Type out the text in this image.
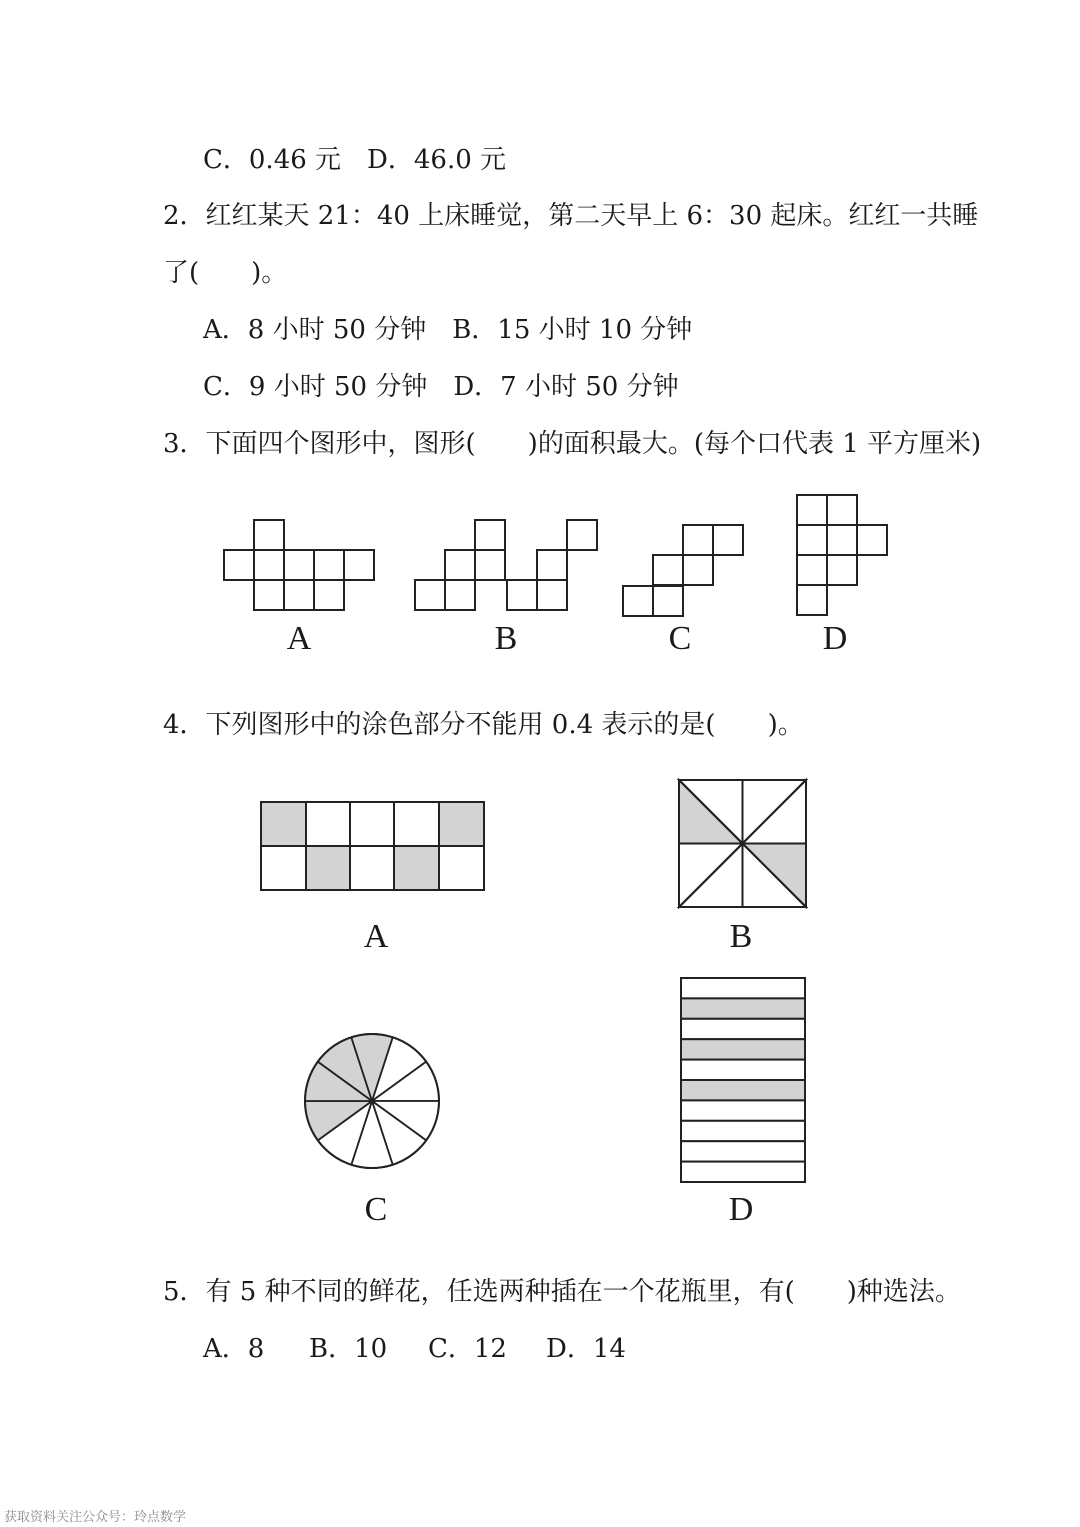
C．0.46 元　D．46.0 元
2．红红某天 21：40 上床睡觉，第二天早上 6：30 起床。红红一共睡
了(　　)。
A．8 小时 50 分钟　B．15 小时 10 分钟
C．9 小时 50 分钟　D．7 小时 50 分钟
3．下面四个图形中，图形(　　)的面积最大。(每个口代表 1 平方厘米)
A	B	C	D
4．下列图形中的涂色部分不能用 0.4 表示的是(　　)。
A	B
C	D
5．有 5 种不同的鲜花，任选两种插在一个花瓶里，有(　　)种选法。
A．8 B．10 C．12 D．14
获取资料关注公众号：玲点数学
